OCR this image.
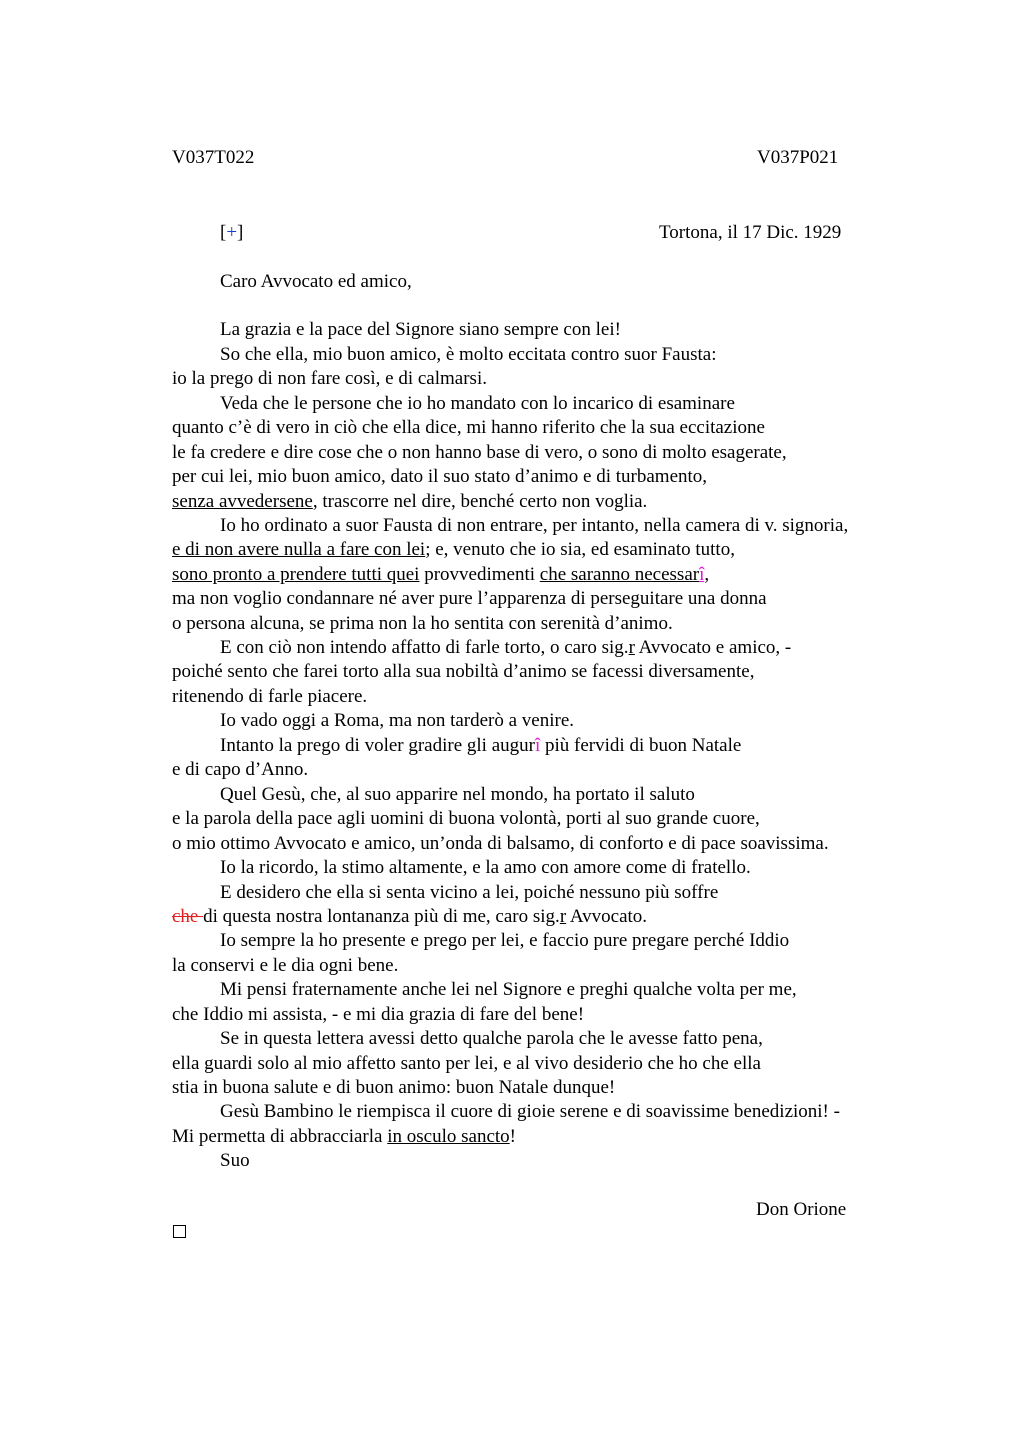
V037T022	V037P021
[+]	Tortona, il 17 Dic. 1929
Caro Avvocato ed amico,
La grazia e la pace del Signore siano sempre con lei!
So che ella, mio buon amico, è molto eccitata contro suor Fausta:
io la prego di non fare così, e di calmarsi.
Veda che le persone che io ho mandato con lo incarico di esaminare
quanto c’è di vero in ciò che ella dice, mi hanno riferito che la sua eccitazione
le fa credere e dire cose che o non hanno base di vero, o sono di molto esagerate,
per cui lei, mio buon amico, dato il suo stato d’animo e di turbamento,
senza avvedersene, trascorre nel dire, benché certo non voglia.
Io ho ordinato a suor Fausta di non entrare, per intanto, nella camera di v. signoria,
e di non avere nulla a fare con lei; e, venuto che io sia, ed esaminato tutto,
sono pronto a prendere tutti quei provvedimenti che saranno necessarî,
ma non voglio condannare né aver pure l’apparenza di perseguitare una donna
o persona alcuna, se prima non la ho sentita con serenità d’animo.
E con ciò non intendo affatto di farle torto, o caro sig.r Avvocato e amico, -
poiché sento che farei torto alla sua nobiltà d’animo se facessi diversamente,
ritenendo di farle piacere.
Io vado oggi a Roma, ma non tarderò a venire.
Intanto la prego di voler gradire gli augurî più fervidi di buon Natale
e di capo d’Anno.
Quel Gesù, che, al suo apparire nel mondo, ha portato il saluto
e la parola della pace agli uomini di buona volontà, porti al suo grande cuore,
o mio ottimo Avvocato e amico, un’onda di balsamo, di conforto e di pace soavissima.
Io la ricordo, la stimo altamente, e la amo con amore come di fratello.
E desidero che ella si senta vicino a lei, poiché nessuno più soffre
che di questa nostra lontananza più di me, caro sig.r Avvocato.
Io sempre la ho presente e prego per lei, e faccio pure pregare perché Iddio
la conservi e le dia ogni bene.
Mi pensi fraternamente anche lei nel Signore e preghi qualche volta per me,
che Iddio mi assista, - e mi dia grazia di fare del bene!
Se in questa lettera avessi detto qualche parola che le avesse fatto pena,
ella guardi solo al mio affetto santo per lei, e al vivo desiderio che ho che ella
stia in buona salute e di buon animo: buon Natale dunque!
Gesù Bambino le riempisca il cuore di gioie serene e di soavissime benedizioni! -
Mi permetta di abbracciarla in osculo sancto!
Suo
Don Orione
